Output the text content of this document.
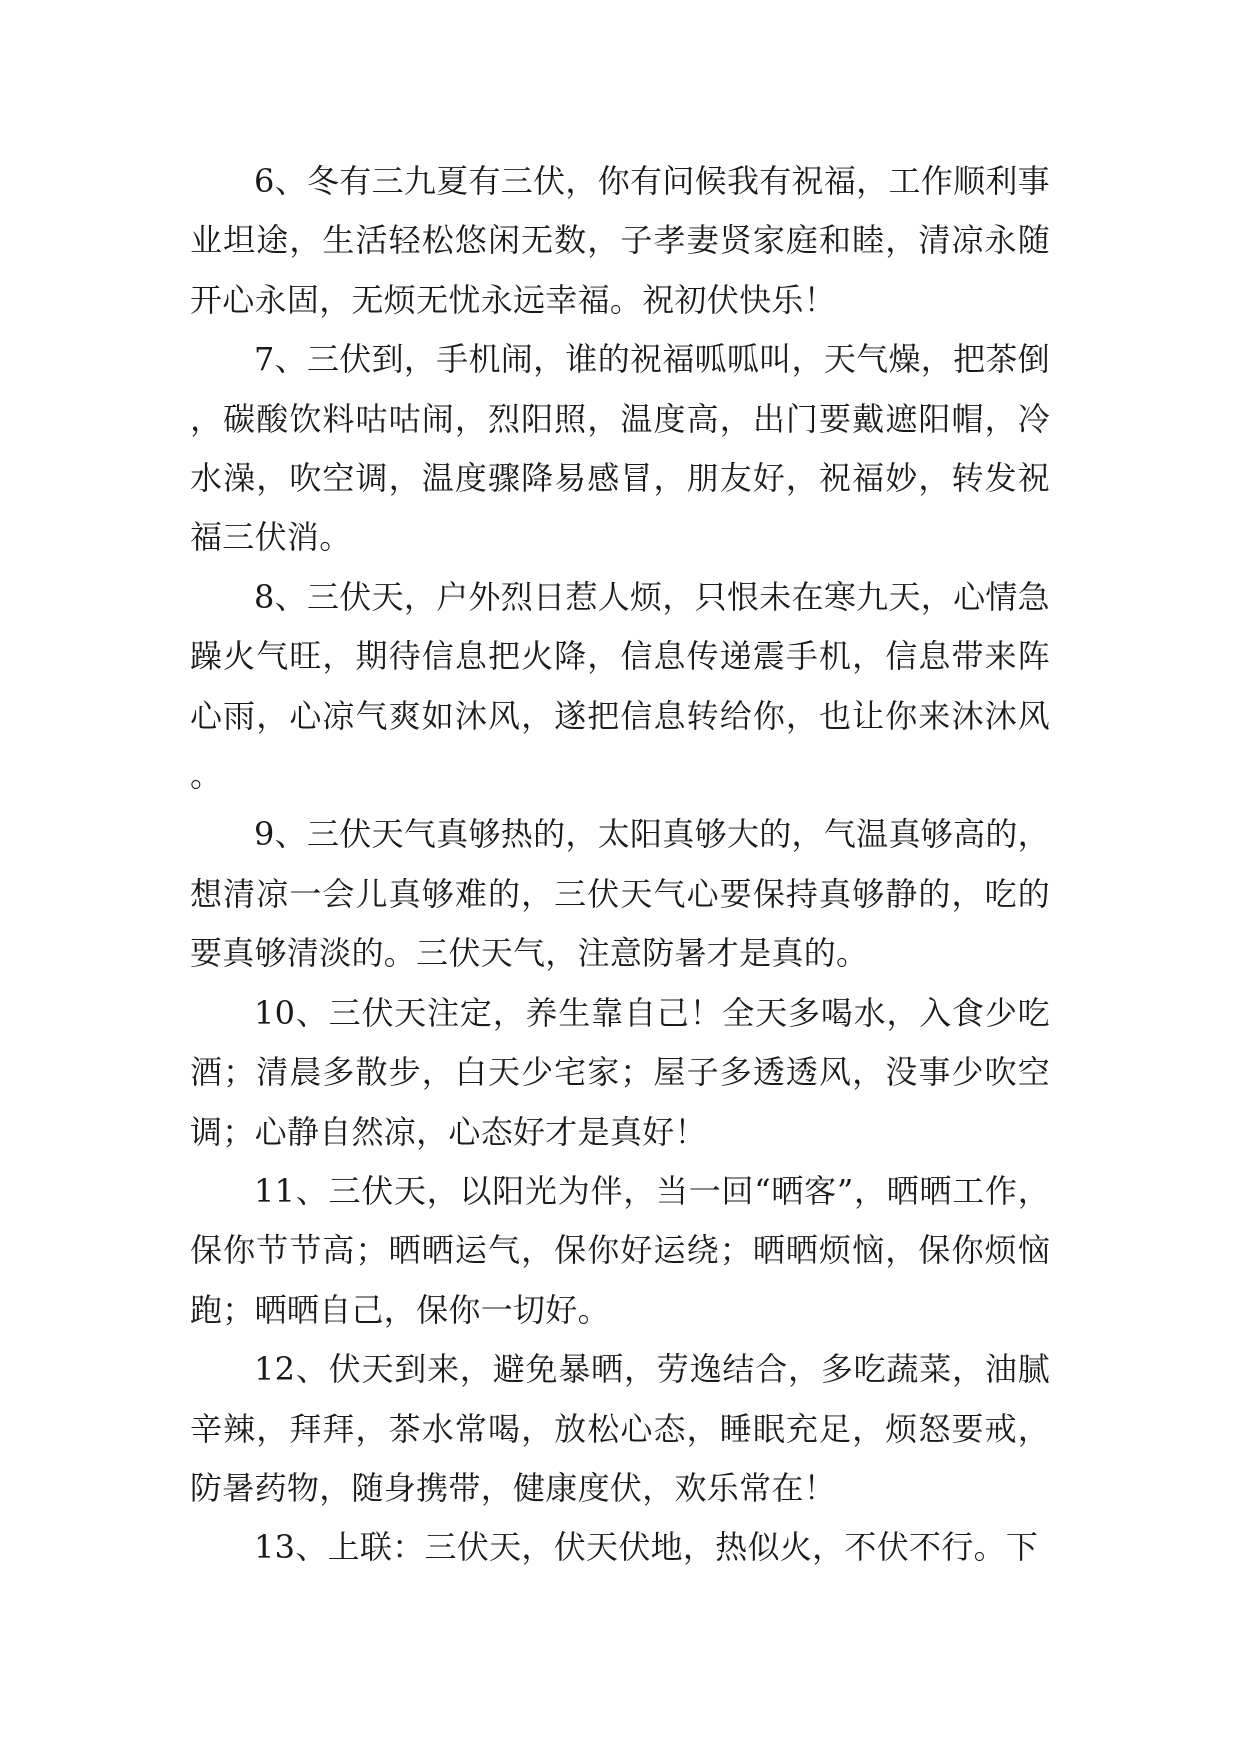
6、冬有三九夏有三伏，你有问候我有祝福，工作顺利事业坦途，生活轻松悠闲无数，子孝妻贤家庭和睦，清凉永随开心永固，无烦无忧永远幸福。祝初伏快乐！

7、三伏到，手机闹，谁的祝福呱呱叫，天气燥，把茶倒，碳酸饮料咕咕闹，烈阳照，温度高，出门要戴遮阳帽，冷水澡，吹空调，温度骤降易感冒，朋友好，祝福妙，转发祝福三伏消。

8、三伏天，户外烈日惹人烦，只恨未在寒九天，心情急躁火气旺，期待信息把火降，信息传递震手机，信息带来阵心雨，心凉气爽如沐风，遂把信息转给你，也让你来沐沐风。

9、三伏天气真够热的，太阳真够大的，气温真够高的，想清凉一会儿真够难的，三伏天气心要保持真够静的，吃的要真够清淡的。三伏天气，注意防暑才是真的。

10、三伏天注定，养生靠自己！全天多喝水，入食少吃酒；清晨多散步，白天少宅家；屋子多透透风，没事少吹空调；心静自然凉，心态好才是真好！

11、三伏天，以阳光为伴，当一回“晒客”，晒晒工作，保你节节高；晒晒运气，保你好运绕；晒晒烦恼，保你烦恼跑；晒晒自己，保你一切好。

12、伏天到来，避免暴晒，劳逸结合，多吃蔬菜，油腻辛辣，拜拜，茶水常喝，放松心态，睡眠充足，烦怒要戒，防暑药物，随身携带，健康度伏，欢乐常在！

13、上联：三伏天，伏天伏地，热似火，不伏不行。下
